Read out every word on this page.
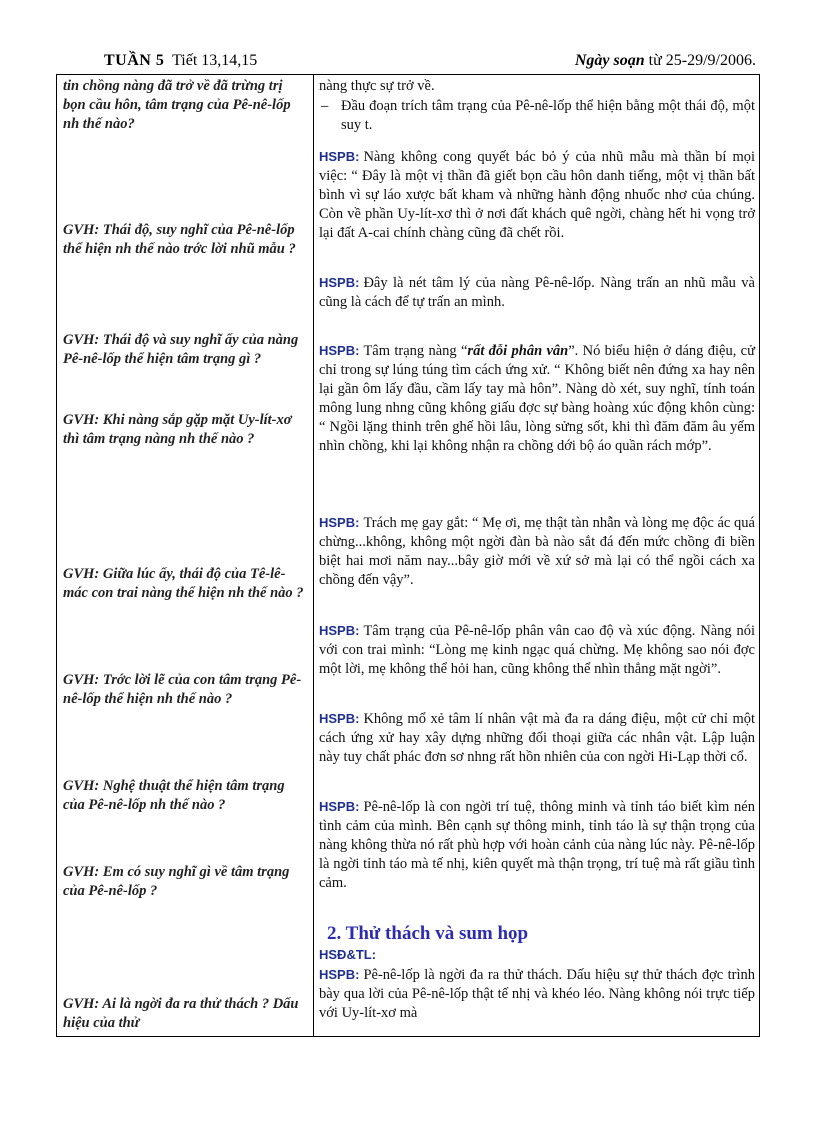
TUẦN 5 Tiết 13,14,15	Ngày soạn từ 25-29/9/2006.
tin chồng nàng đã trở về đã trừng trị bọn cầu hôn, tâm trạng của Pê-nê-lốp nh thế nào?
GVH: Thái độ, suy nghĩ của Pê-nê-lốp thể hiện nh thế nào trớc lời nhũ mẫu ?
GVH: Thái độ và suy nghĩ ấy của nàng Pê-nê-lốp thể hiện tâm trạng gì ?
GVH: Khi nàng sắp gặp mặt Uy-lít-xơ thì tâm trạng nàng nh thế nào ?
GVH: Giữa lúc ấy, thái độ của Tê-lê-mác con trai nàng thể hiện nh thế nào ?
GVH: Trớc lời lẽ của con tâm trạng Pê-nê-lốp thể hiện nh thế nào ?
GVH: Nghệ thuật thể hiện tâm trạng của Pê-nê-lốp nh thế nào ?
GVH: Em có suy nghĩ gì về tâm trạng của Pê-nê-lốp ?
GVH: Ai là ngời đa ra thử thách ? Dấu hiệu của thử
nàng thực sự trở về.
– Đầu đoạn trích tâm trạng của Pê-nê-lốp thể hiện bằng một thái độ, một suy t.
HSPB: Nàng không cong quyết bác bỏ ý của nhũ mẫu mà thần bí mọi việc: “ Đây là một vị thần đã giết bọn cầu hôn danh tiếng, một vị thần bất bình vì sự láo xược bất kham và những hành động nhuốc nhơ của chúng. Còn về phần Uy-lít-xơ thì ở nơi đất khách quê ngời, chàng hết hi vọng trở lại đất A-cai chính chàng cũng đã chết rồi.
HSPB: Đây là nét tâm lý của nàng Pê-nê-lốp. Nàng trấn an nhũ mẫu và cũng là cách để tự trấn an mình.
HSPB: Tâm trạng nàng “rất đỗi phân vân”. Nó biểu hiện ở dáng điệu, cử chỉ trong sự lúng túng tìm cách ứng xử. “ Không biết nên đứng xa hay nên lại gần ôm lấy đầu, cầm lấy tay mà hôn”. Nàng dò xét, suy nghĩ, tính toán mông lung nhng cũng không giấu đợc sự bàng hoàng xúc động khôn cùng: “ Ngồi lặng thinh trên ghế hồi lâu, lòng sửng sốt, khi thì đăm đăm âu yếm nhìn chồng, khi lại không nhận ra chồng dới bộ áo quần rách mớp”.
HSPB: Trách mẹ gay gắt: “ Mẹ ơi, mẹ thật tàn nhẫn và lòng mẹ độc ác quá chừng...không, không một ngời đàn bà nào sắt đá đến mức chồng đi biền biệt hai mơi năm nay...bây giờ mới về xứ sở mà lại có thể ngồi cách xa chồng đến vậy”.
HSPB: Tâm trạng của Pê-nê-lốp phân vân cao độ và xúc động. Nàng nói với con trai mình: “Lòng mẹ kinh ngạc quá chừng. Mẹ không sao nói đợc một lời, mẹ không thể hỏi han, cũng không thể nhìn thẳng mặt ngời”.
HSPB: Không mổ xẻ tâm lí nhân vật mà đa ra dáng điệu, một cử chỉ một cách ứng xử hay xây dựng những đối thoại giữa các nhân vật. Lập luận này tuy chất phác đơn sơ nhng rất hồn nhiên của con ngời Hi-Lạp thời cổ.
HSPB: Pê-nê-lốp là con ngời trí tuệ, thông minh và tỉnh táo biết kìm nén tình cảm của mình. Bên cạnh sự thông minh, tỉnh táo là sự thận trọng của nàng không thừa nó rất phù hợp với hoàn cảnh của nàng lúc này. Pê-nê-lốp là ngời tỉnh táo mà tế nhị, kiên quyết mà thận trọng, trí tuệ mà rất giầu tình cảm.
2. Thử thách và sum họp
HSĐ&TL:
HSPB: Pê-nê-lốp là ngời đa ra thử thách. Dấu hiệu sự thử thách đợc trình bày qua lời của Pê-nê-lốp thật tế nhị và khéo léo. Nàng không nói trực tiếp với Uy-lít-xơ mà
